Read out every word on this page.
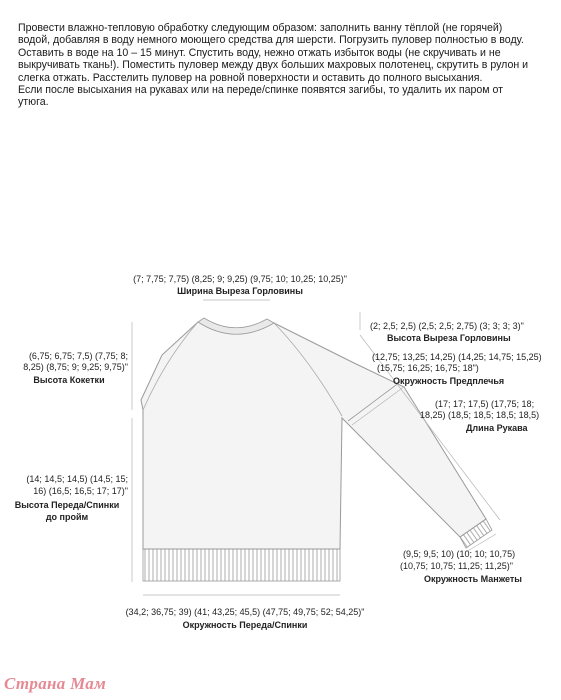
Провести влажно-тепловую обработку следующим образом: заполнить ванну тёплой (не горячей)
водой, добавляя в воду немного моющего средства для шерсти. Погрузить пуловер полностью в воду.
Оставить в воде на 10 – 15 минут. Спустить воду, нежно отжать избыток воды (не скручивать и не
выкручивать ткань!). Поместить пуловер между двух больших махровых полотенец, скрутить в рулон и
слегка отжать. Расстелить пуловер на ровной поверхности и оставить до полного высыхания.
Если после высыхания на рукавах или на переде/спинке появятся загибы, то удалить их паром от
утюга.
(7; 7,75; 7,75) (8,25; 9; 9,25) (9,75; 10; 10,25; 10,25)"
Ширина Выреза Горловины
(2; 2,5; 2,5) (2,5; 2,5; 2,75) (3; 3; 3; 3)"
Высота Выреза Горловины
(12,75; 13,25; 14,25) (14,25; 14,75; 15,25)
(15,75; 16,25; 16,75; 18")
Окружность Предплечья
(6,75; 6,75; 7,5) (7,75; 8;
8,25) (8,75; 9; 9,25; 9,75)"
Высота Кокетки
(17; 17; 17,5) (17,75; 18;
18,25) (18,5; 18,5; 18,5; 18,5)
Длина Рукава
(14; 14,5; 14,5) (14,5; 15;
16) (16,5; 16,5; 17; 17)"
Высота Переда/Спинки
до пройм
(9,5; 9,5; 10) (10; 10; 10,75)
(10,75; 10,75; 11,25; 11,25)"
Окружность Манжеты
(34,2; 36,75; 39) (41; 43,25; 45,5) (47,75; 49,75; 52; 54,25)"
Окружность Переда/Спинки
Страна Мам
